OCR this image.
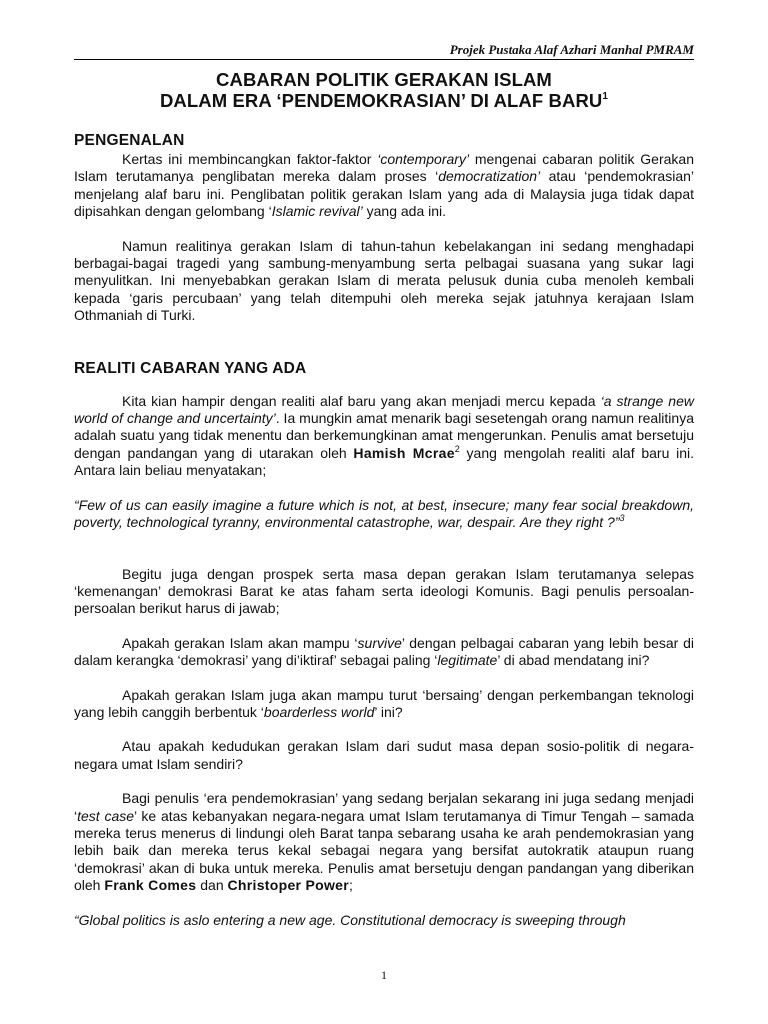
Projek Pustaka Alaf Azhari Manhal PMRAM
CABARAN POLITIK GERAKAN ISLAM
DALAM ERA ‘PENDEMOKRASIAN’ DI ALAF BARU$^1$
PENGENALAN

Kertas ini membincangkan faktor-faktor ‘contemporary’ mengenai cabaran politik Gerakan Islam terutamanya penglibatan mereka dalam proses ‘democratization’ atau ‘pendemokrasian’ menjelang alaf baru ini. Penglibatan politik gerakan Islam yang ada di Malaysia juga tidak dapat dipisahkan dengan gelombang ‘Islamic revival’ yang ada ini.

Namun realitinya gerakan Islam di tahun-tahun kebelakangan ini sedang menghadapi berbagai-bagai tragedi yang sambung-menyambung serta pelbagai suasana yang sukar lagi menyulitkan. Ini menyebabkan gerakan Islam di merata pelusuk dunia cuba menoleh kembali kepada ‘garis percubaan’ yang telah ditempuhi oleh mereka sejak jatuhnya kerajaan Islam Othmaniah di Turki.

REALITI CABARAN YANG ADA

Kita kian hampir dengan realiti alaf baru yang akan menjadi mercu kepada ‘a strange new world of change and uncertainty’. Ia mungkin amat menarik bagi sesetengah orang namun realitinya adalah suatu yang tidak menentu dan berkemungkinan amat mengerunkan. Penulis amat bersetuju dengan pandangan yang di utarakan oleh Hamish Mcrae$^2$ yang mengolah realiti alaf baru ini. Antara lain beliau menyatakan;

“Few of us can easily imagine a future which is not, at best, insecure; many fear social breakdown, poverty, technological tyranny, environmental catastrophe, war, despair. Are they right ?”$^3$

Begitu juga dengan prospek serta masa depan gerakan Islam terutamanya selepas ‘kemenangan’ demokrasi Barat ke atas faham serta ideologi Komunis. Bagi penulis persoalan-persoalan berikut harus di jawab;

Apakah gerakan Islam akan mampu ‘survive’ dengan pelbagai cabaran yang lebih besar di dalam kerangka ‘demokrasi’ yang di’iktiraf’ sebagai paling ‘legitimate’ di abad mendatang ini?

Apakah gerakan Islam juga akan mampu turut ‘bersaing’ dengan perkembangan teknologi yang lebih canggih berbentuk ‘boarderless world’ ini?

Atau apakah kedudukan gerakan Islam dari sudut masa depan sosio-politik di negara-negara umat Islam sendiri?

Bagi penulis ‘era pendemokrasian’ yang sedang berjalan sekarang ini juga sedang menjadi ‘test case’ ke atas kebanyakan negara-negara umat Islam terutamanya di Timur Tengah – samada mereka terus menerus di lindungi oleh Barat tanpa sebarang usaha ke arah pendemokrasian yang lebih baik dan mereka terus kekal sebagai negara yang bersifat autokratik ataupun ruang ‘demokrasi’ akan di buka untuk mereka. Penulis amat bersetuju dengan pandangan yang diberikan oleh Frank Comes dan Christoper Power;

“Global politics is aslo entering a new age. Constitutional democracy is sweeping through

1
